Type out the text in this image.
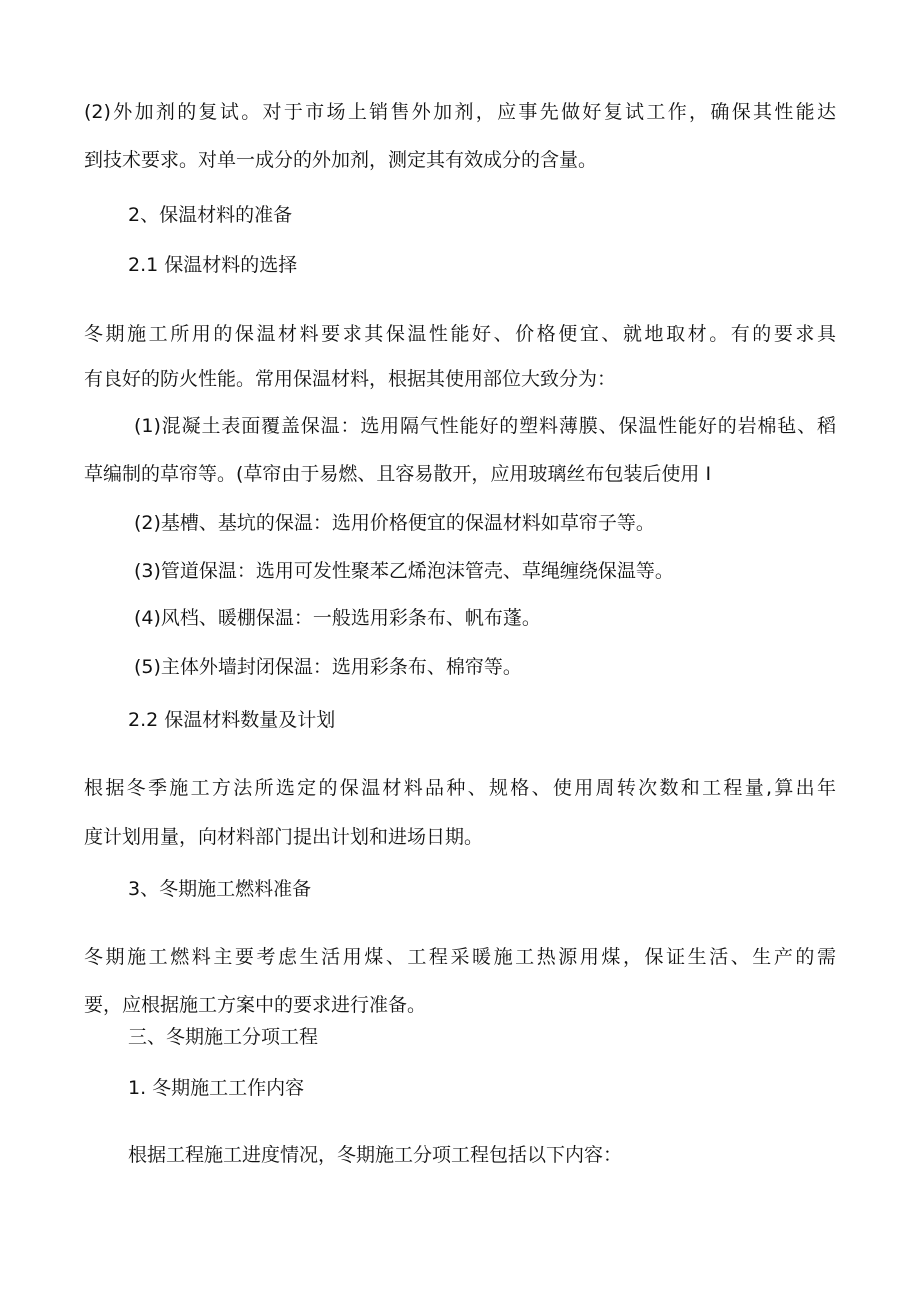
(2)外加剂的复试。对于市场上销售外加剂，应事先做好复试工作，确保其性能达
到技术要求。对单一成分的外加剂，测定其有效成分的含量。
2、保温材料的准备
2.1 保温材料的选择
冬期施工所用的保温材料要求其保温性能好、价格便宜、就地取材。有的要求具
有良好的防火性能。常用保温材料，根据其使用部位大致分为：
(1)混凝土表面覆盖保温：选用隔气性能好的塑料薄膜、保温性能好的岩棉毡、稻
草编制的草帘等。(草帘由于易燃、且容易散开，应用玻璃丝布包装后使用 I
(2)基槽、基坑的保温：选用价格便宜的保温材料如草帘子等。
(3)管道保温：选用可发性聚苯乙烯泡沫管壳、草绳缠绕保温等。
(4)风档、暖棚保温：一般选用彩条布、帆布蓬。
(5)主体外墙封闭保温：选用彩条布、棉帘等。
2.2 保温材料数量及计划
根据冬季施工方法所选定的保温材料品种、规格、使用周转次数和工程量,算出年
度计划用量，向材料部门提出计划和进场日期。
3、冬期施工燃料准备
冬期施工燃料主要考虑生活用煤、工程采暖施工热源用煤，保证生活、生产的需
要，应根据施工方案中的要求进行准备。
三、冬期施工分项工程
1. 冬期施工工作内容
根据工程施工进度情况，冬期施工分项工程包括以下内容：
